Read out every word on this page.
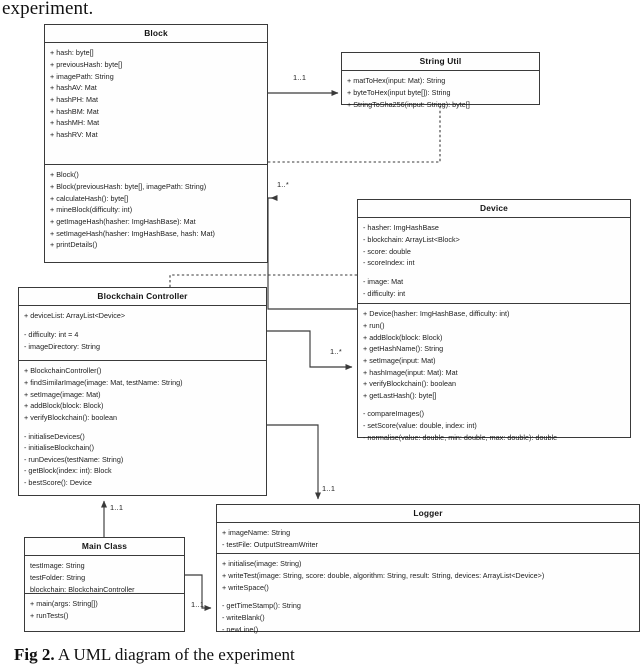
experiment.
Block
+ hash: byte[]
+ previousHash: byte[]
+ imagePath: String
+ hashAV: Mat
+ hashPH: Mat
+ hashBM: Mat
+ hashMH: Mat
+ hashRV: Mat
+ Block()
+ Block(previousHash: byte[], imagePath: String)
+ calculateHash(): byte[]
+ mineBlock(difficulty: int)
+ getImageHash(hasher: ImgHashBase): Mat
+ setImageHash(hasher: ImgHashBase, hash: Mat)
+ printDetails()
String Util
+ matToHex(input: Mat): String
+ byteToHex(input byte[]): String
+ StringToSha256(input: String): byte[]
Device
- hasher: ImgHashBase
- blockchain: ArrayList<Block>
- score: double
- scoreIndex: int
- image: Mat
- difficulty: int
+ Device(hasher: ImgHashBase, difficulty: int)
+ run()
+ addBlock(block: Block)
+ getHashName(): String
+ setImage(input: Mat)
+ hashImage(input: Mat): Mat
+ verifyBlockchain(): boolean
+ getLastHash(): byte[]
- compareImages()
- setScore(value: double, index: int)
- normalise(value: double, min: double, max: double): double
Blockchain Controller
+ deviceList: ArrayList<Device>
- difficulty: int = 4
- imageDirectory: String
+ BlockchainController()
+ findSimilarImage(image: Mat, testName: String)
+ setImage(image: Mat)
+ addBlock(block: Block)
+ verifyBlockchain(): boolean
- initialiseDevices()
- initialiseBlockchain()
- runDevices(testName: String)
- getBlock(index: int): Block
- bestScore(): Device
Main Class
testImage: String
testFolder: String
blockchain: BlockchainController
+ main(args: String[])
+ runTests()
Logger
+ imageName: String
- testFile: OutputStreamWriter
+ initialise(image: String)
+ writeTest(image: String, score: double, algorithm: String, result: String, devices: ArrayList<Device>)
+ writeSpace()
- getTimeStamp(): String
- writeBlank()
- newLine()
1..1
1..*
1..*
1..1
1..1
1..1
Fig 2. A UML diagram of the experiment
